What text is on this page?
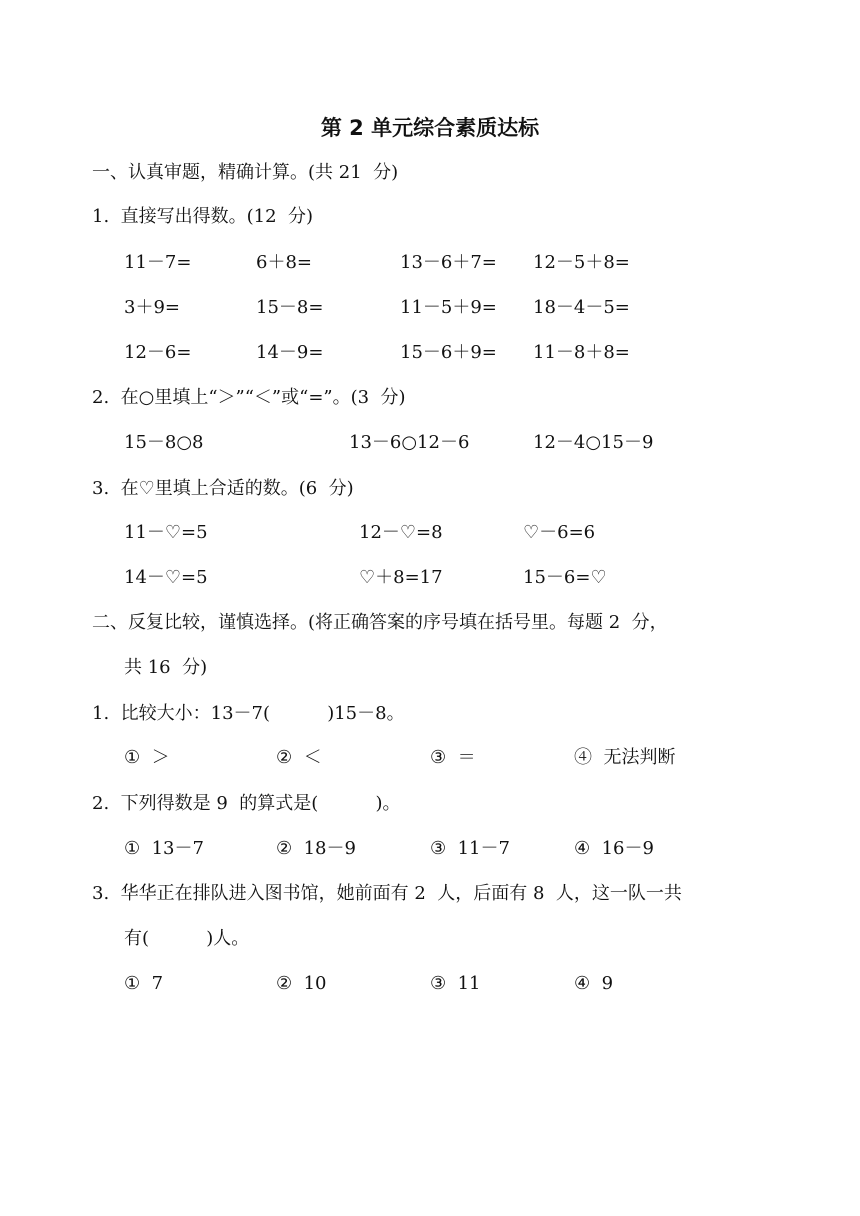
第 2 单元综合素质达标
一、认真审题，精确计算。(共 21  分)
1.  直接写出得数。(12  分)
11－7=	6＋8=	13－6＋7= 12－5＋8=
3＋9=	15－8=	11－5＋9= 18－4－5=
12－6=	14－9=	15－6＋9= 11－8＋8=
2.  在○里填上“＞”“＜”或“=”。(3  分)
15－8○8	13－6○12－6	12－4○15－9
3.  在♡里填上合适的数。(6  分)
11－♡=5	12－♡=8	♡－6=6
14－♡=5	♡＋8=17	15－6=♡
二、反复比较，谨慎选择。(将正确答案的序号填在括号里。每题 2  分，
共 16  分)
1.  比较大小：13－7(          )15－8。
①  ＞	②  ＜	③  ＝	④  无法判断
2.  下列得数是 9  的算式是(          )。
①  13－7	②  18－9	③  11－7	④  16－9
3.  华华正在排队进入图书馆，她前面有 2  人，后面有 8  人，这一队一共
有(          )人。
①  7	②  10	③  11	④  9
